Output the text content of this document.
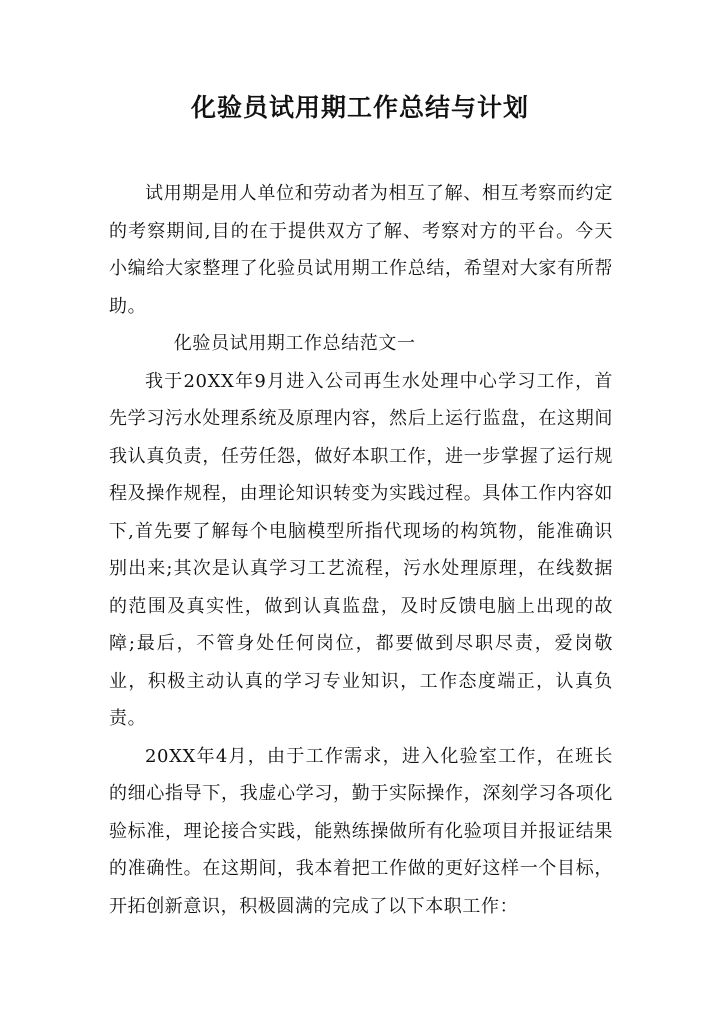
化验员试用期工作总结与计划

试用期是用人单位和劳动者为相互了解、相互考察而约定的考察期间,目的在于提供双方了解、考察对方的平台。今天小编给大家整理了化验员试用期工作总结，希望对大家有所帮助。

化验员试用期工作总结范文一

我于20XX年9月进入公司再生水处理中心学习工作，首先学习污水处理系统及原理内容，然后上运行监盘，在这期间我认真负责，任劳任怨，做好本职工作，进一步掌握了运行规程及操作规程，由理论知识转变为实践过程。具体工作内容如下,首先要了解每个电脑模型所指代现场的构筑物，能准确识别出来;其次是认真学习工艺流程，污水处理原理，在线数据的范围及真实性，做到认真监盘，及时反馈电脑上出现的故障;最后，不管身处任何岗位，都要做到尽职尽责，爱岗敬业，积极主动认真的学习专业知识，工作态度端正，认真负责。

20XX年4月，由于工作需求，进入化验室工作，在班长的细心指导下，我虚心学习，勤于实际操作，深刻学习各项化验标准，理论接合实践，能熟练操做所有化验项目并报证结果的准确性。在这期间，我本着把工作做的更好这样一个目标，开拓创新意识，积极圆满的完成了以下本职工作：
